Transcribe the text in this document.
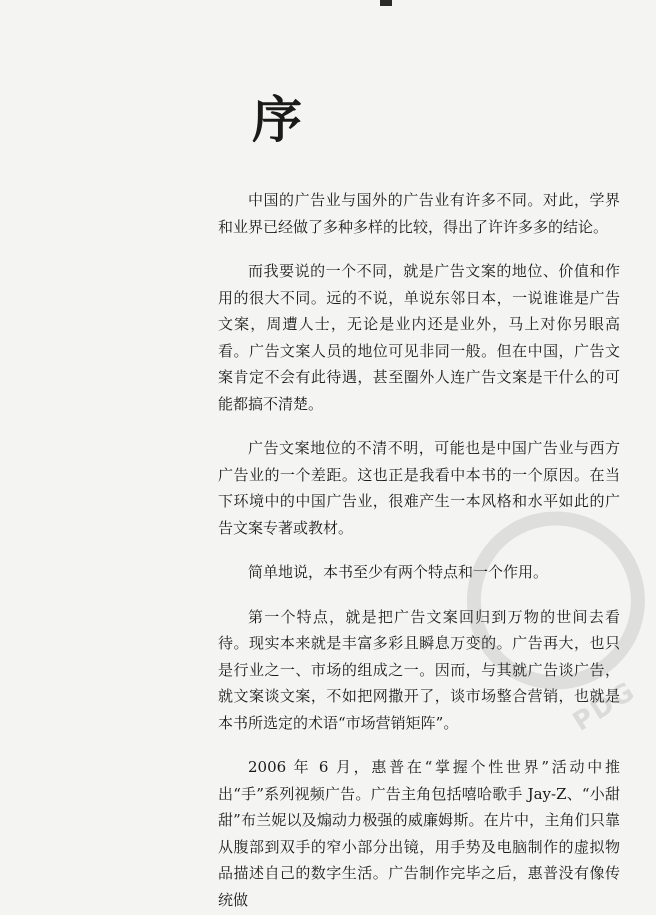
序

中国的广告业与国外的广告业有许多不同。对此，学界和业界已经做了多种多样的比较，得出了许许多多的结论。

而我要说的一个不同，就是广告文案的地位、价值和作用的很大不同。远的不说，单说东邻日本，一说谁谁是广告文案，周遭人士，无论是业内还是业外，马上对你另眼高看。广告文案人员的地位可见非同一般。但在中国，广告文案肯定不会有此待遇，甚至圈外人连广告文案是干什么的可能都搞不清楚。

广告文案地位的不清不明，可能也是中国广告业与西方广告业的一个差距。这也正是我看中本书的一个原因。在当下环境中的中国广告业，很难产生一本风格和水平如此的广告文案专著或教材。

简单地说，本书至少有两个特点和一个作用。

第一个特点，就是把广告文案回归到万物的世间去看待。现实本来就是丰富多彩且瞬息万变的。广告再大，也只是行业之一、市场的组成之一。因而，与其就广告谈广告，就文案谈文案，不如把网撒开了，谈市场整合营销，也就是本书所选定的术语“市场营销矩阵”。

2006 年 6 月，惠普在“掌握个性世界”活动中推出“手”系列视频广告。广告主角包括嘻哈歌手 Jay-Z、“小甜甜”布兰妮以及煽动力极强的威廉姆斯。在片中，主角们只靠从腹部到双手的窄小部分出镜，用手势及电脑制作的虚拟物品描述自己的数字生活。广告制作完毕之后，惠普没有像传统做

PDG
